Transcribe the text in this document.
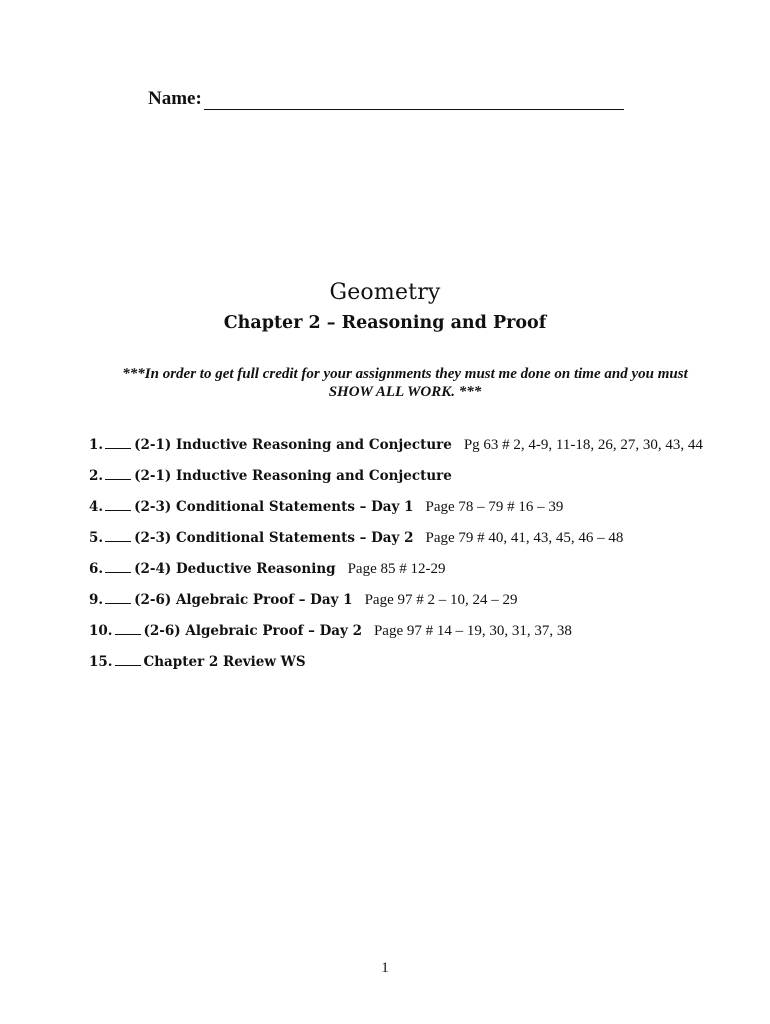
Name:
Geometry
Chapter 2 – Reasoning and Proof
***In order to get full credit for your assignments they must me done on time and you must
SHOW ALL WORK. ***
1. (2-1) Inductive Reasoning and Conjecture Pg 63 # 2, 4-9, 11-18, 26, 27, 30, 43, 44
2. (2-1) Inductive Reasoning and Conjecture
4. (2-3) Conditional Statements – Day 1 Page 78 – 79 # 16 – 39
5. (2-3) Conditional Statements – Day 2 Page 79 # 40, 41, 43, 45, 46 – 48
6. (2-4) Deductive Reasoning Page 85 # 12-29
9. (2-6) Algebraic Proof – Day 1 Page 97 # 2 – 10, 24 – 29
10. (2-6) Algebraic Proof – Day 2 Page 97 # 14 – 19, 30, 31, 37, 38
15. Chapter 2 Review WS
1
